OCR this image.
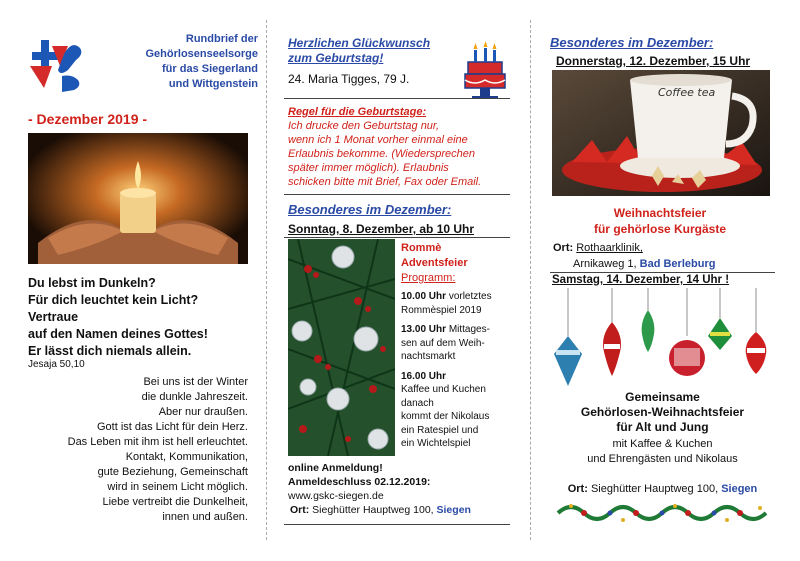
Rundbrief der

Gehörlosenseelsorge

für das Siegerland

und Wittgenstein

- Dezember 2019 -

Du lebst im Dunkeln?

Für dich leuchtet kein Licht?

Vertraue

auf den Namen deines Gottes!

Er lässt dich niemals allein.

Jesaja 50,10

Bei uns ist der Winter

die dunkle Jahreszeit.

Aber nur draußen.

Gott ist das Licht für dein Herz.

Das Leben mit ihm ist hell erleuchtet.

Kontakt, Kommunikation,

gute Beziehung, Gemeinschaft

wird in seinem Licht möglich.

Liebe vertreibt die Dunkelheit,

innen und außen.

Herzlichen Glückwunsch

zum Geburtstag!

24. Maria Tigges, 79 J.

Regel für die Geburtstage:

Ich drucke den Geburtstag nur,

wenn ich 1 Monat vorher einmal eine

Erlaubnis bekomme. (Wiedersprechen

später immer möglich). Erlaubnis

schicken bitte mit Brief, Fax oder Email.

Besonderes im Dezember:
Sonntag, 8. Dezember, ab 10 Uhr

Rommè

Adventsfeier

Programm:

10.00 Uhr vorletztes

Rommèspiel 2019

13.00 Uhr Mittages-

sen auf dem Weih-

nachtsmarkt

16.00 Uhr

Kaffee und Kuchen

danach

kommt der Nikolaus

ein Ratespiel und

ein Wichtelspiel

online Anmeldung!

Anmeldeschluss 02.12.2019:

www.gskc-siegen.de

Ort: Sieghütter Hauptweg 100, Siegen
Besonderes im Dezember:
Donnerstag, 12. Dezember, 15 Uhr
Coffee tea

Weihnachtsfeier

für gehörlose Kurgäste

Ort: Rothaarklinik,

Arnikaweg 1, Bad Berleburg

Samstag, 14. Dezember, 14 Uhr !

Gemeinsame

Gehörlosen-Weihnachtsfeier

für Alt und Jung

mit Kaffee & Kuchen

und Ehrengästen und Nikolaus

Ort: Sieghütter Hauptweg 100, Siegen
